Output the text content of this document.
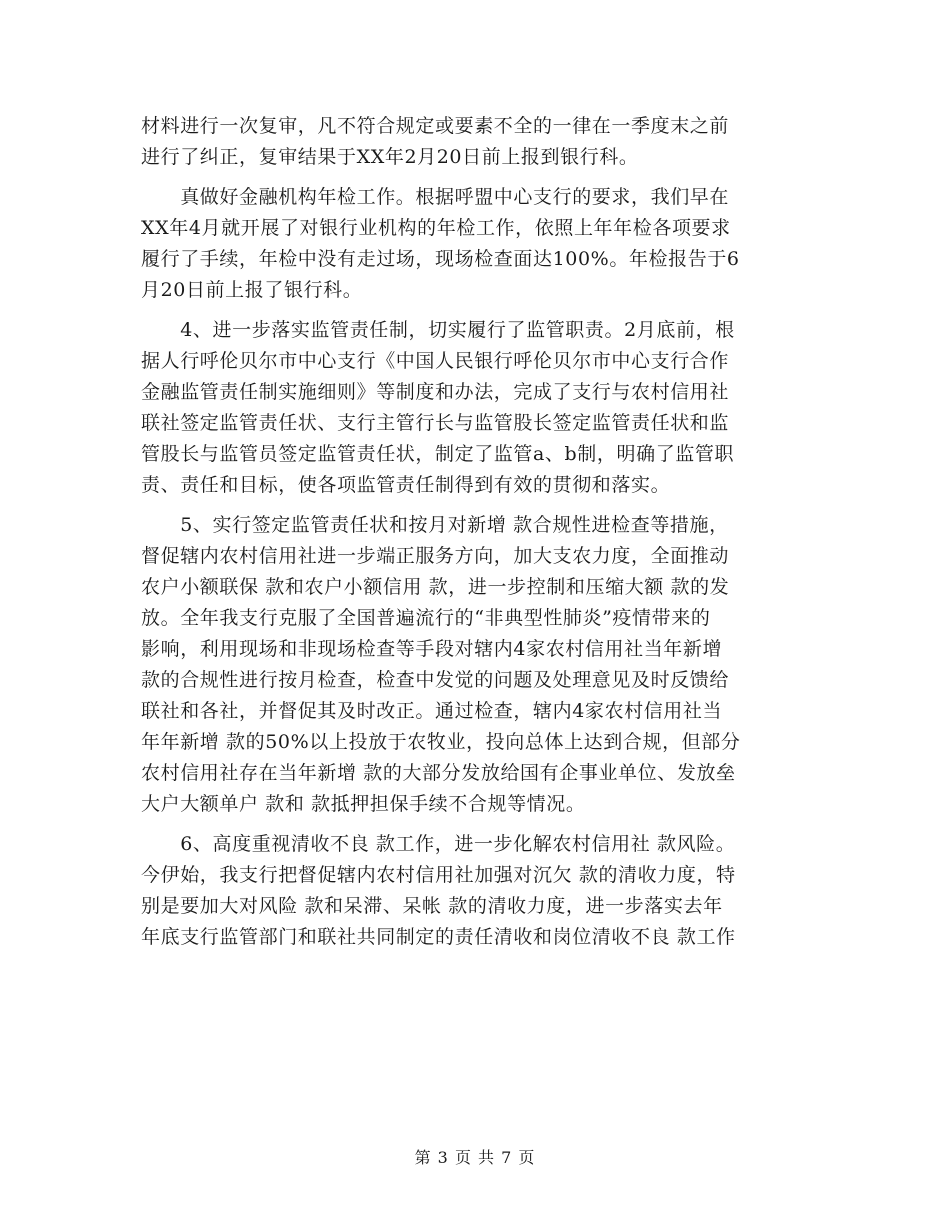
材料进行一次复审，凡不符合规定或要素不全的一律在一季度末之前
进行了纠正，复审结果于XX年2月20日前上报到银行科。
　　真做好金融机构年检工作。根据呼盟中心支行的要求，我们早在
XX年4月就开展了对银行业机构的年检工作，依照上年年检各项要求
履行了手续，年检中没有走过场，现场检查面达100%。年检报告于6
月20日前上报了银行科。
　　4、进一步落实监管责任制，切实履行了监管职责。2月底前，根
据人行呼伦贝尔市中心支行《中国人民银行呼伦贝尔市中心支行合作
金融监管责任制实施细则》等制度和办法，完成了支行与农村信用社
联社签定监管责任状、支行主管行长与监管股长签定监管责任状和监
管股长与监管员签定监管责任状，制定了监管a、b制，明确了监管职
责、责任和目标，使各项监管责任制得到有效的贯彻和落实。
　　5、实行签定监管责任状和按月对新增 款合规性进检查等措施，
督促辖内农村信用社进一步端正服务方向，加大支农力度，全面推动
农户小额联保 款和农户小额信用 款，进一步控制和压缩大额 款的发
放。全年我支行克服了全国普遍流行的“非典型性肺炎”疫情带来的
影响，利用现场和非现场检查等手段对辖内4家农村信用社当年新增
款的合规性进行按月检查，检查中发觉的问题及处理意见及时反馈给
联社和各社，并督促其及时改正。通过检查，辖内4家农村信用社当
年年新增 款的50%以上投放于农牧业，投向总体上达到合规，但部分
农村信用社存在当年新增 款的大部分发放给国有企事业单位、发放垒
大户大额单户 款和 款抵押担保手续不合规等情况。
　　6、高度重视清收不良 款工作，进一步化解农村信用社 款风险。
今伊始，我支行把督促辖内农村信用社加强对沉欠 款的清收力度，特
别是要加大对风险 款和呆滞、呆帐 款的清收力度，进一步落实去年
年底支行监管部门和联社共同制定的责任清收和岗位清收不良 款工作
第 3 页 共 7 页
